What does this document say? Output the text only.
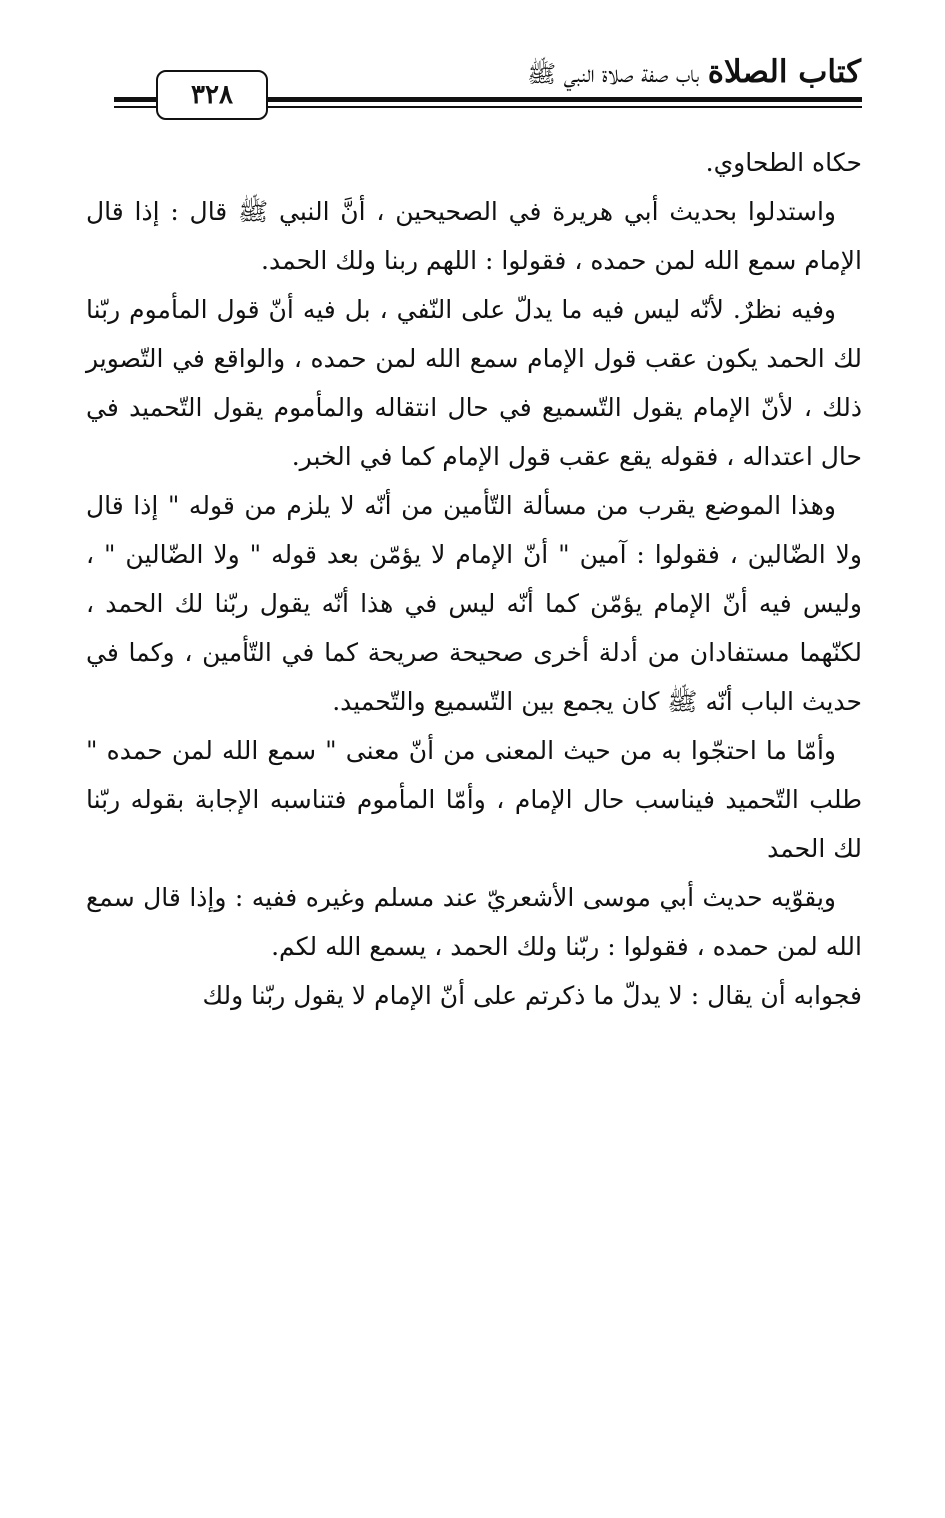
كتاب الصلاة باب صفة صلاة النبي ﷺ
٣٢٨

حكاه الطحاوي.

واستدلوا بحديث أبي هريرة في الصحيحين ، أنَّ النبي ﷺ قال : إذا قال الإمام سمع الله لمن حمده ، فقولوا : اللهم ربنا ولك الحمد.

وفيه نظرٌ. لأنّه ليس فيه ما يدلّ على النّفي ، بل فيه أنّ قول المأموم ربّنا لك الحمد يكون عقب قول الإمام سمع الله لمن حمده ، والواقع في التّصوير ذلك ، لأنّ الإمام يقول التّسميع في حال انتقاله والمأموم يقول التّحميد في حال اعتداله ، فقوله يقع عقب قول الإمام كما في الخبر.

وهذا الموضع يقرب من مسألة التّأمين من أنّه لا يلزم من قوله " إذا قال ولا الضّالين ، فقولوا : آمين " أنّ الإمام لا يؤمّن بعد قوله " ولا الضّالين " ، وليس فيه أنّ الإمام يؤمّن كما أنّه ليس في هذا أنّه يقول ربّنا لك الحمد ، لكنّهما مستفادان من أدلة أخرى صحيحة صريحة كما في التّأمين ، وكما في حديث الباب أنّه ﷺ كان يجمع بين التّسميع والتّحميد.

وأمّا ما احتجّوا به من حيث المعنى من أنّ معنى " سمع الله لمن حمده " طلب التّحميد فيناسب حال الإمام ، وأمّا المأموم فتناسبه الإجابة بقوله ربّنا لك الحمد

ويقوّيه حديث أبي موسى الأشعريّ عند مسلم وغيره ففيه : وإذا قال سمع الله لمن حمده ، فقولوا : ربّنا ولك الحمد ، يسمع الله لكم.

فجوابه أن يقال : لا يدلّ ما ذكرتم على أنّ الإمام لا يقول ربّنا ولك
